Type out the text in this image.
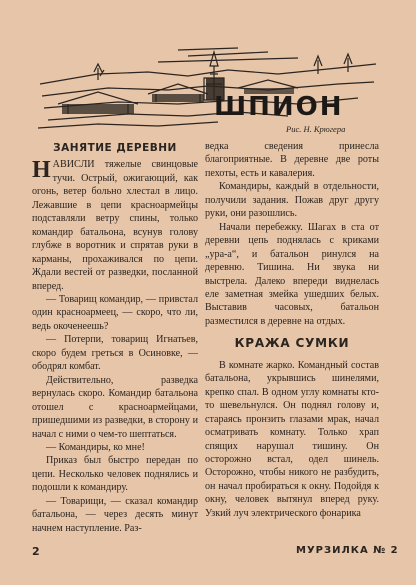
ШПИОН
Рис. Н. Крюгера
ЗАНЯТИЕ ДЕРЕВНИ

НАВИСЛИ тяжелые свинцовые тучи. Острый, ожигающий, как огонь, ветер больно хлестал в лицо. Лежавшие в цепи красноармейцы подставляли ветру спины, только командир батальона, всунув голову глубже в воротник и спрятав руки в карманы, прохаживался по цепи. Ждали вестей от разведки, посланной вперед.

— Товарищ командир, — привстал один красноармеец, — скоро, что ли, ведь окоченеешь?

— Потерпи, товарищ Игнатьев, скоро будем греться в Осиновке, — ободрял комбат.

Действительно, разведка вернулась скоро. Командир батальона отошел с красноармейцами, пришедшими из разведки, в сторону и начал с ними о чем-то шептаться.

— Командиры, ко мне!

Приказ был быстро передан по цепи. Несколько человек поднялись и подошли к командиру.

— Товарищи, — сказал командир батальона, — через десять минут начнем наступление. Раз-

ведка сведения принесла благоприятные. В деревне две роты пехоты, есть и кавалерия.

Командиры, каждый в отдельности, получили задания. Пожав друг другу руки, они разошлись.

Начали перебежку. Шагах в ста от деревни цепь поднялась с криками „ура-а“, и батальон ринулся на деревню. Тишина. Ни звука ни выстрела. Далеко впереди виднелась еле заметная змейка ушедших белых. Выставив часовых, батальон разместился в деревне на отдых.

КРАЖА СУМКИ

В комнате жарко. Командный состав батальона, укрывшись шинелями, крепко спал. В одном углу комнаты кто-то шевельнулся. Он поднял голову и, стараясь пронзить глазами мрак, начал осматривать комнату. Только храп спящих нарушал тишину. Он осторожно встал, одел шинель. Осторожно, чтобы никого не разбудить, он начал пробираться к окну. Подойдя к окну, человек вытянул вперед руку. Узкий луч электрического фонарика

2	МУРЗИЛКА № 2
